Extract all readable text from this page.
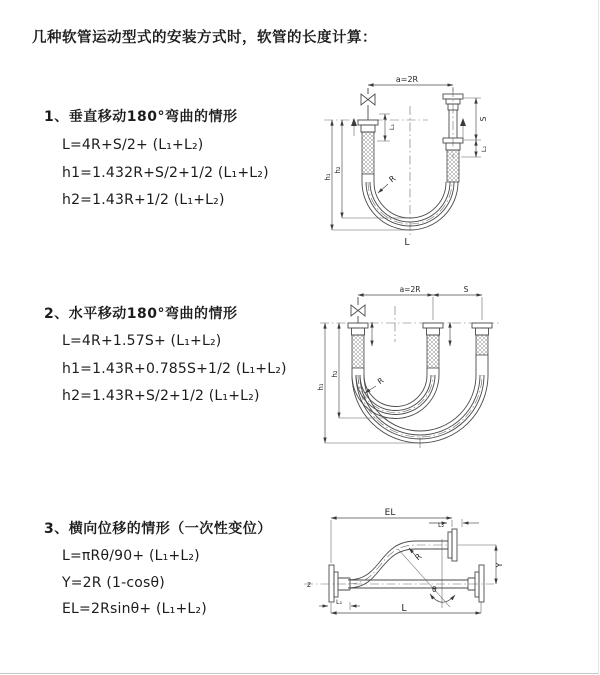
几种软管运动型式的安装方式时，软管的长度计算：
1、垂直移动180°弯曲的情形
L=4R+S/2+ (L₁+L₂)
h1=1.432R+S/2+1/2 (L₁+L₂)
h2=1.43R+1/2 (L₁+L₂)
2、水平移动180°弯曲的情形
L=4R+1.57S+ (L₁+L₂)
h1=1.43R+0.785S+1/2 (L₁+L₂)
h2=1.43R+S/2+1/2 (L₁+L₂)
3、横向位移的情形（一次性变位）
L=πRθ/90+ (L₁+L₂)
Y=2R (1-cosθ)
EL=2Rsinθ+ (L₁+L₂)
a=2R
L₁
S
L₂
h₂
h₁	R
L
a=2R	S
h₂
h₁
R
z
EL
L₂
Y
θ
R
L
L₁
